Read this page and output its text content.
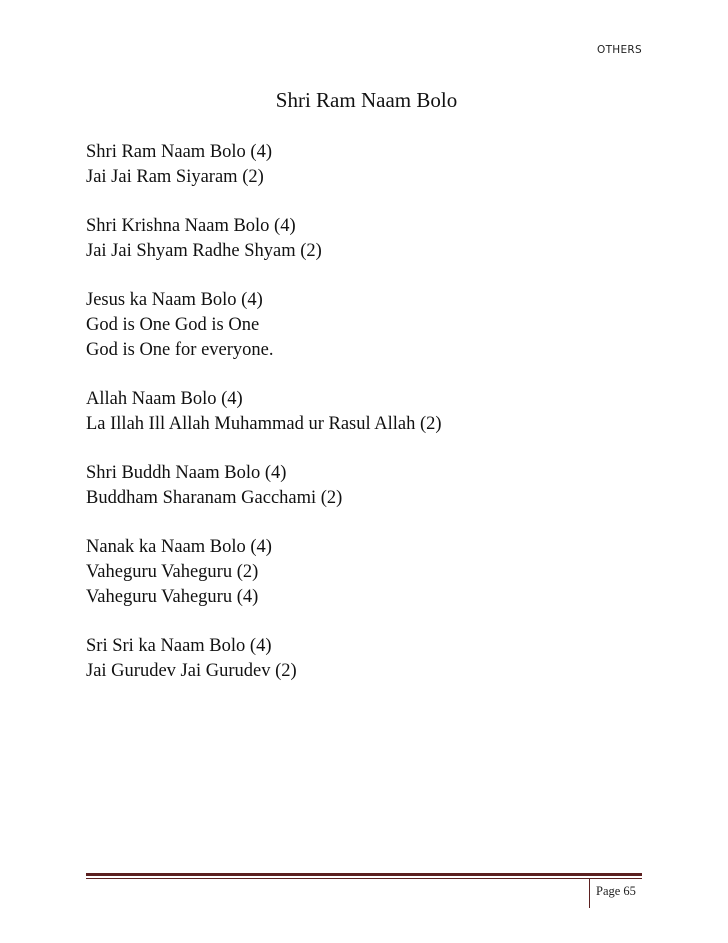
OTHERS
Shri Ram Naam Bolo
Shri Ram Naam Bolo (4)
Jai Jai Ram Siyaram (2)
Shri Krishna Naam Bolo (4)
Jai Jai Shyam Radhe Shyam (2)
Jesus ka Naam Bolo (4)
God is One God is One
God is One for everyone.
Allah Naam Bolo (4)
La Illah Ill Allah Muhammad ur Rasul Allah (2)
Shri Buddh Naam Bolo (4)
Buddham Sharanam Gacchami (2)
Nanak ka Naam Bolo (4)
Vaheguru Vaheguru (2)
Vaheguru Vaheguru (4)
Sri Sri ka Naam Bolo (4)
Jai Gurudev Jai Gurudev (2)
Page 65
